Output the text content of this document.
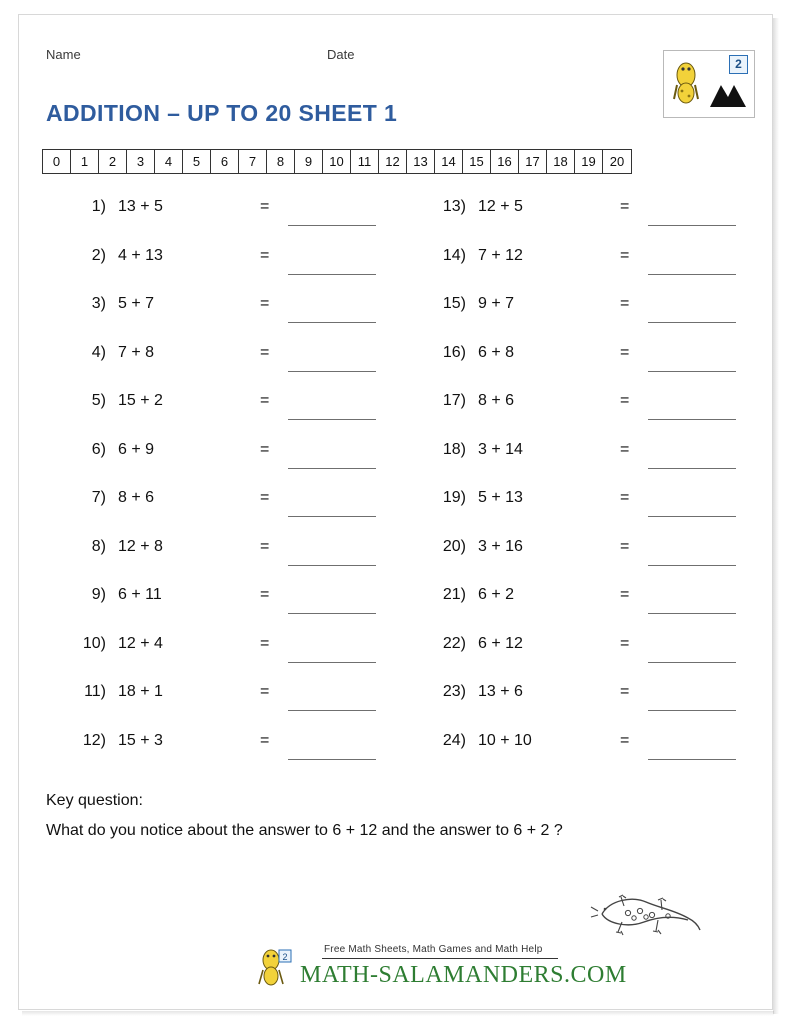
Name	Date
2
ADDITION – UP TO 20 SHEET 1
0	1	2	3	4	5	6	7	8	9	10	11	12	13	14	15	16	17	18	19	20
1) 13 + 5	=
2) 4 + 13	=
3) 5 + 7	=
4) 7 + 8	=
5) 15 + 2	=
6) 6 + 9	=
7) 8 + 6	=
8) 12 + 8	=
9) 6 + 11	=
10) 12 + 4	=
11) 18 + 1	=
12) 15 + 3	=
13) 12 + 5	=
14) 7 + 12	=
15) 9 + 7	=
16) 6 + 8	=
17) 8 + 6	=
18) 3 + 14	=
19) 5 + 13	=
20) 3 + 16	=
21) 6 + 2	=
22) 6 + 12	=
23) 13 + 6	=
24) 10 + 10	=
Key question:
What do you notice about the answer to 6 + 12 and the answer to 6 + 2 ?
2
Free Math Sheets, Math Games and Math Help
MATH-SALAMANDERS.COM
